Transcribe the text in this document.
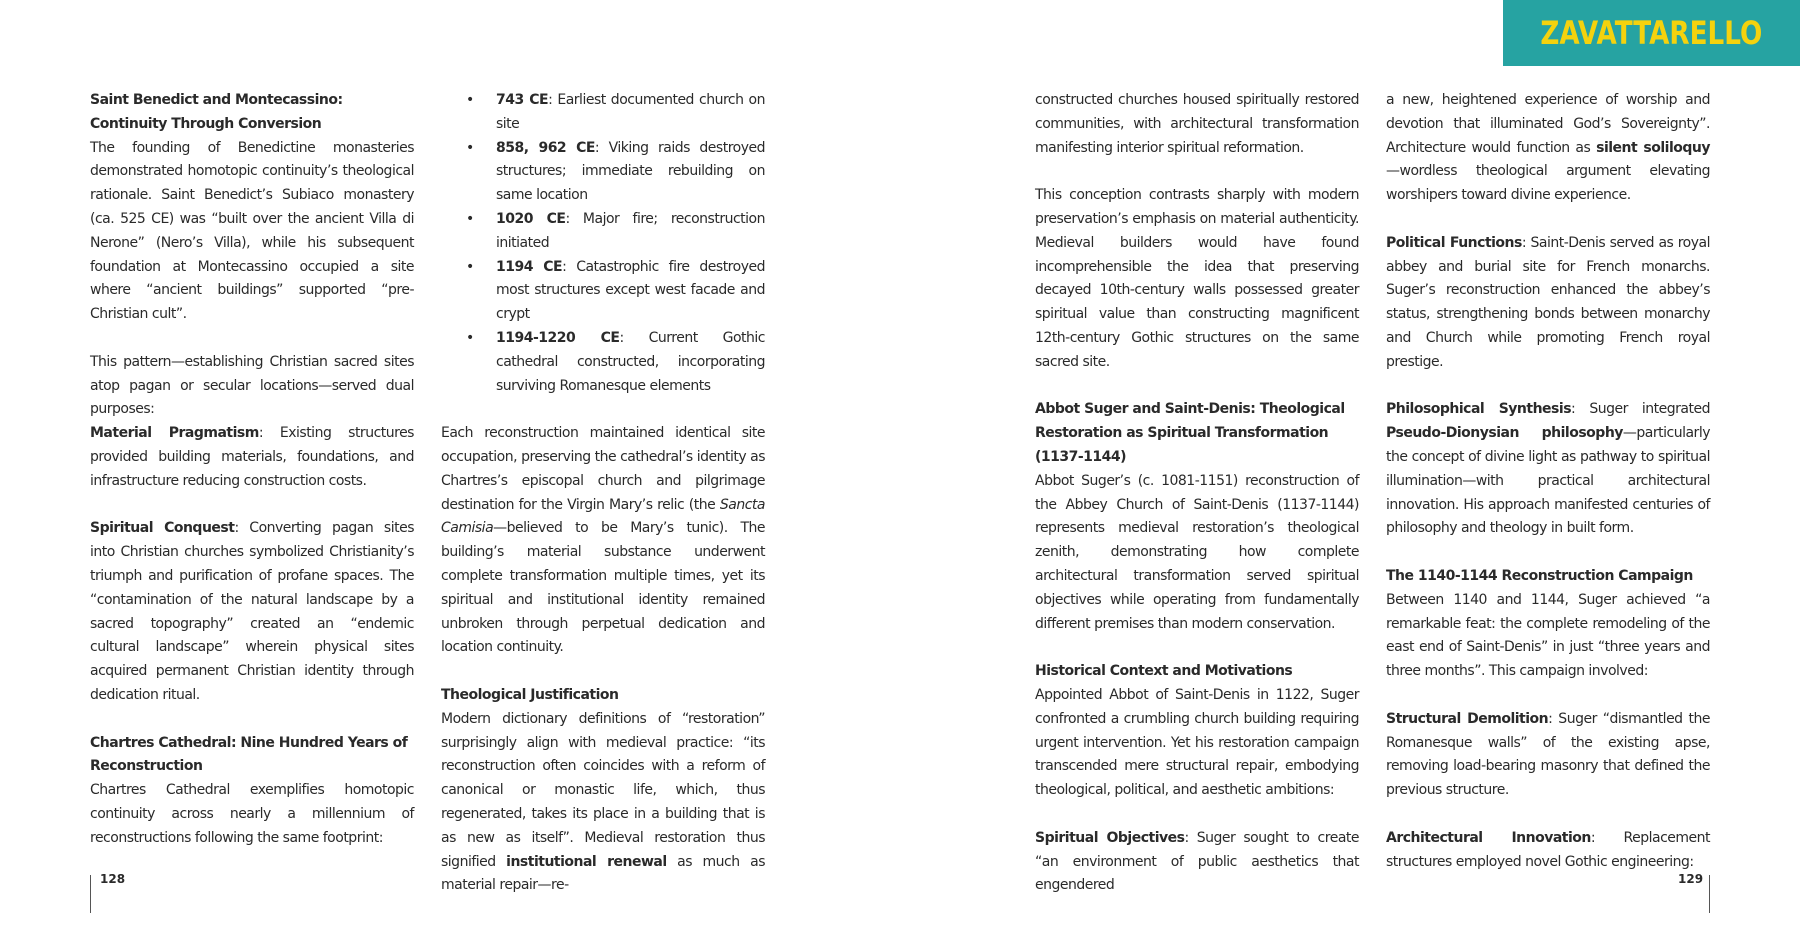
ZAVATTARELLO
Saint Benedict and Montecassino: Continuity Through Conversion

The founding of Benedictine monasteries demonstrated homotopic continuity’s theological rationale. Saint Benedict’s Subiaco monastery (ca. 525 CE) was “built over the ancient Villa di Nerone” (Nero’s Villa), while his subsequent foundation at Montecassino occupied a site where “ancient buildings” supported “pre-Christian cult”.

This pattern—establishing Christian sacred sites atop pagan or secular locations—served dual purposes:

Material Pragmatism: Existing structures provided building materials, foundations, and infrastructure reducing construction costs.

Spiritual Conquest: Converting pagan sites into Christian churches symbolized Christianity’s triumph and purification of profane spaces. The “contamination of the natural landscape by a sacred topography” created an “endemic cultural landscape” wherein physical sites acquired permanent Christian identity through dedication ritual.

Chartres Cathedral: Nine Hundred Years of Reconstruction

Chartres Cathedral exemplifies homotopic continuity across nearly a millennium of reconstructions following the same footprint:

• 743 CE: Earliest documented church on site
• 858, 962 CE: Viking raids destroyed structures; immediate rebuilding on same location
• 1020 CE: Major fire; reconstruction initiated
• 1194 CE: Catastrophic fire destroyed most structures except west facade and crypt
• 1194-1220 CE: Current Gothic cathedral constructed, incorporating surviving Romanesque elements

Each reconstruction maintained identical site occupation, preserving the cathedral’s identity as Chartres’s episcopal church and pilgrimage destination for the Virgin Mary’s relic (the Sancta Camisia—believed to be Mary’s tunic). The building’s material substance underwent complete transformation multiple times, yet its spiritual and institutional identity remained unbroken through perpetual dedication and location continuity.

Theological Justification

Modern dictionary definitions of “restoration” surprisingly align with medieval practice: “its reconstruction often coincides with a reform of canonical or monastic life, which, thus regenerated, takes its place in a building that is as new as itself”. Medieval restoration thus signified institutional renewal as much as material repair—re-

constructed churches housed spiritually restored communities, with architectural transformation manifesting interior spiritual reformation.

This conception contrasts sharply with modern preservation’s emphasis on material authenticity. Medieval builders would have found incomprehensible the idea that preserving decayed 10th-century walls possessed greater spiritual value than constructing magnificent 12th-century Gothic structures on the same sacred site.

Abbot Suger and Saint-Denis: Theological Restoration as Spiritual Transformation (1137-1144)

Abbot Suger’s (c. 1081-1151) reconstruction of the Abbey Church of Saint-Denis (1137-1144) represents medieval restoration’s theological zenith, demonstrating how complete architectural transformation served spiritual objectives while operating from fundamentally different premises than modern conservation.

Historical Context and Motivations

Appointed Abbot of Saint-Denis in 1122, Suger confronted a crumbling church building requiring urgent intervention. Yet his restoration campaign transcended mere structural repair, embodying theological, political, and aesthetic ambitions:

Spiritual Objectives: Suger sought to create “an environment of public aesthetics that engendered

a new, heightened experience of worship and devotion that illuminated God’s Sovereignty”. Architecture would function as silent soliloquy—wordless theological argument elevating worshipers toward divine experience.

Political Functions: Saint-Denis served as royal abbey and burial site for French monarchs. Suger’s reconstruction enhanced the abbey’s status, strengthening bonds between monarchy and Church while promoting French royal prestige.

Philosophical Synthesis: Suger integrated Pseudo-Dionysian philosophy—particularly the concept of divine light as pathway to spiritual illumination—with practical architectural innovation. His approach manifested centuries of philosophy and theology in built form.

The 1140-1144 Reconstruction Campaign

Between 1140 and 1144, Suger achieved “a remarkable feat: the complete remodeling of the east end of Saint-Denis” in just “three years and three months”. This campaign involved:

Structural Demolition: Suger “dismantled the Romanesque walls” of the existing apse, removing load-bearing masonry that defined the previous structure.

Architectural Innovation: Replacement structures employed novel Gothic engineering:

128	129
